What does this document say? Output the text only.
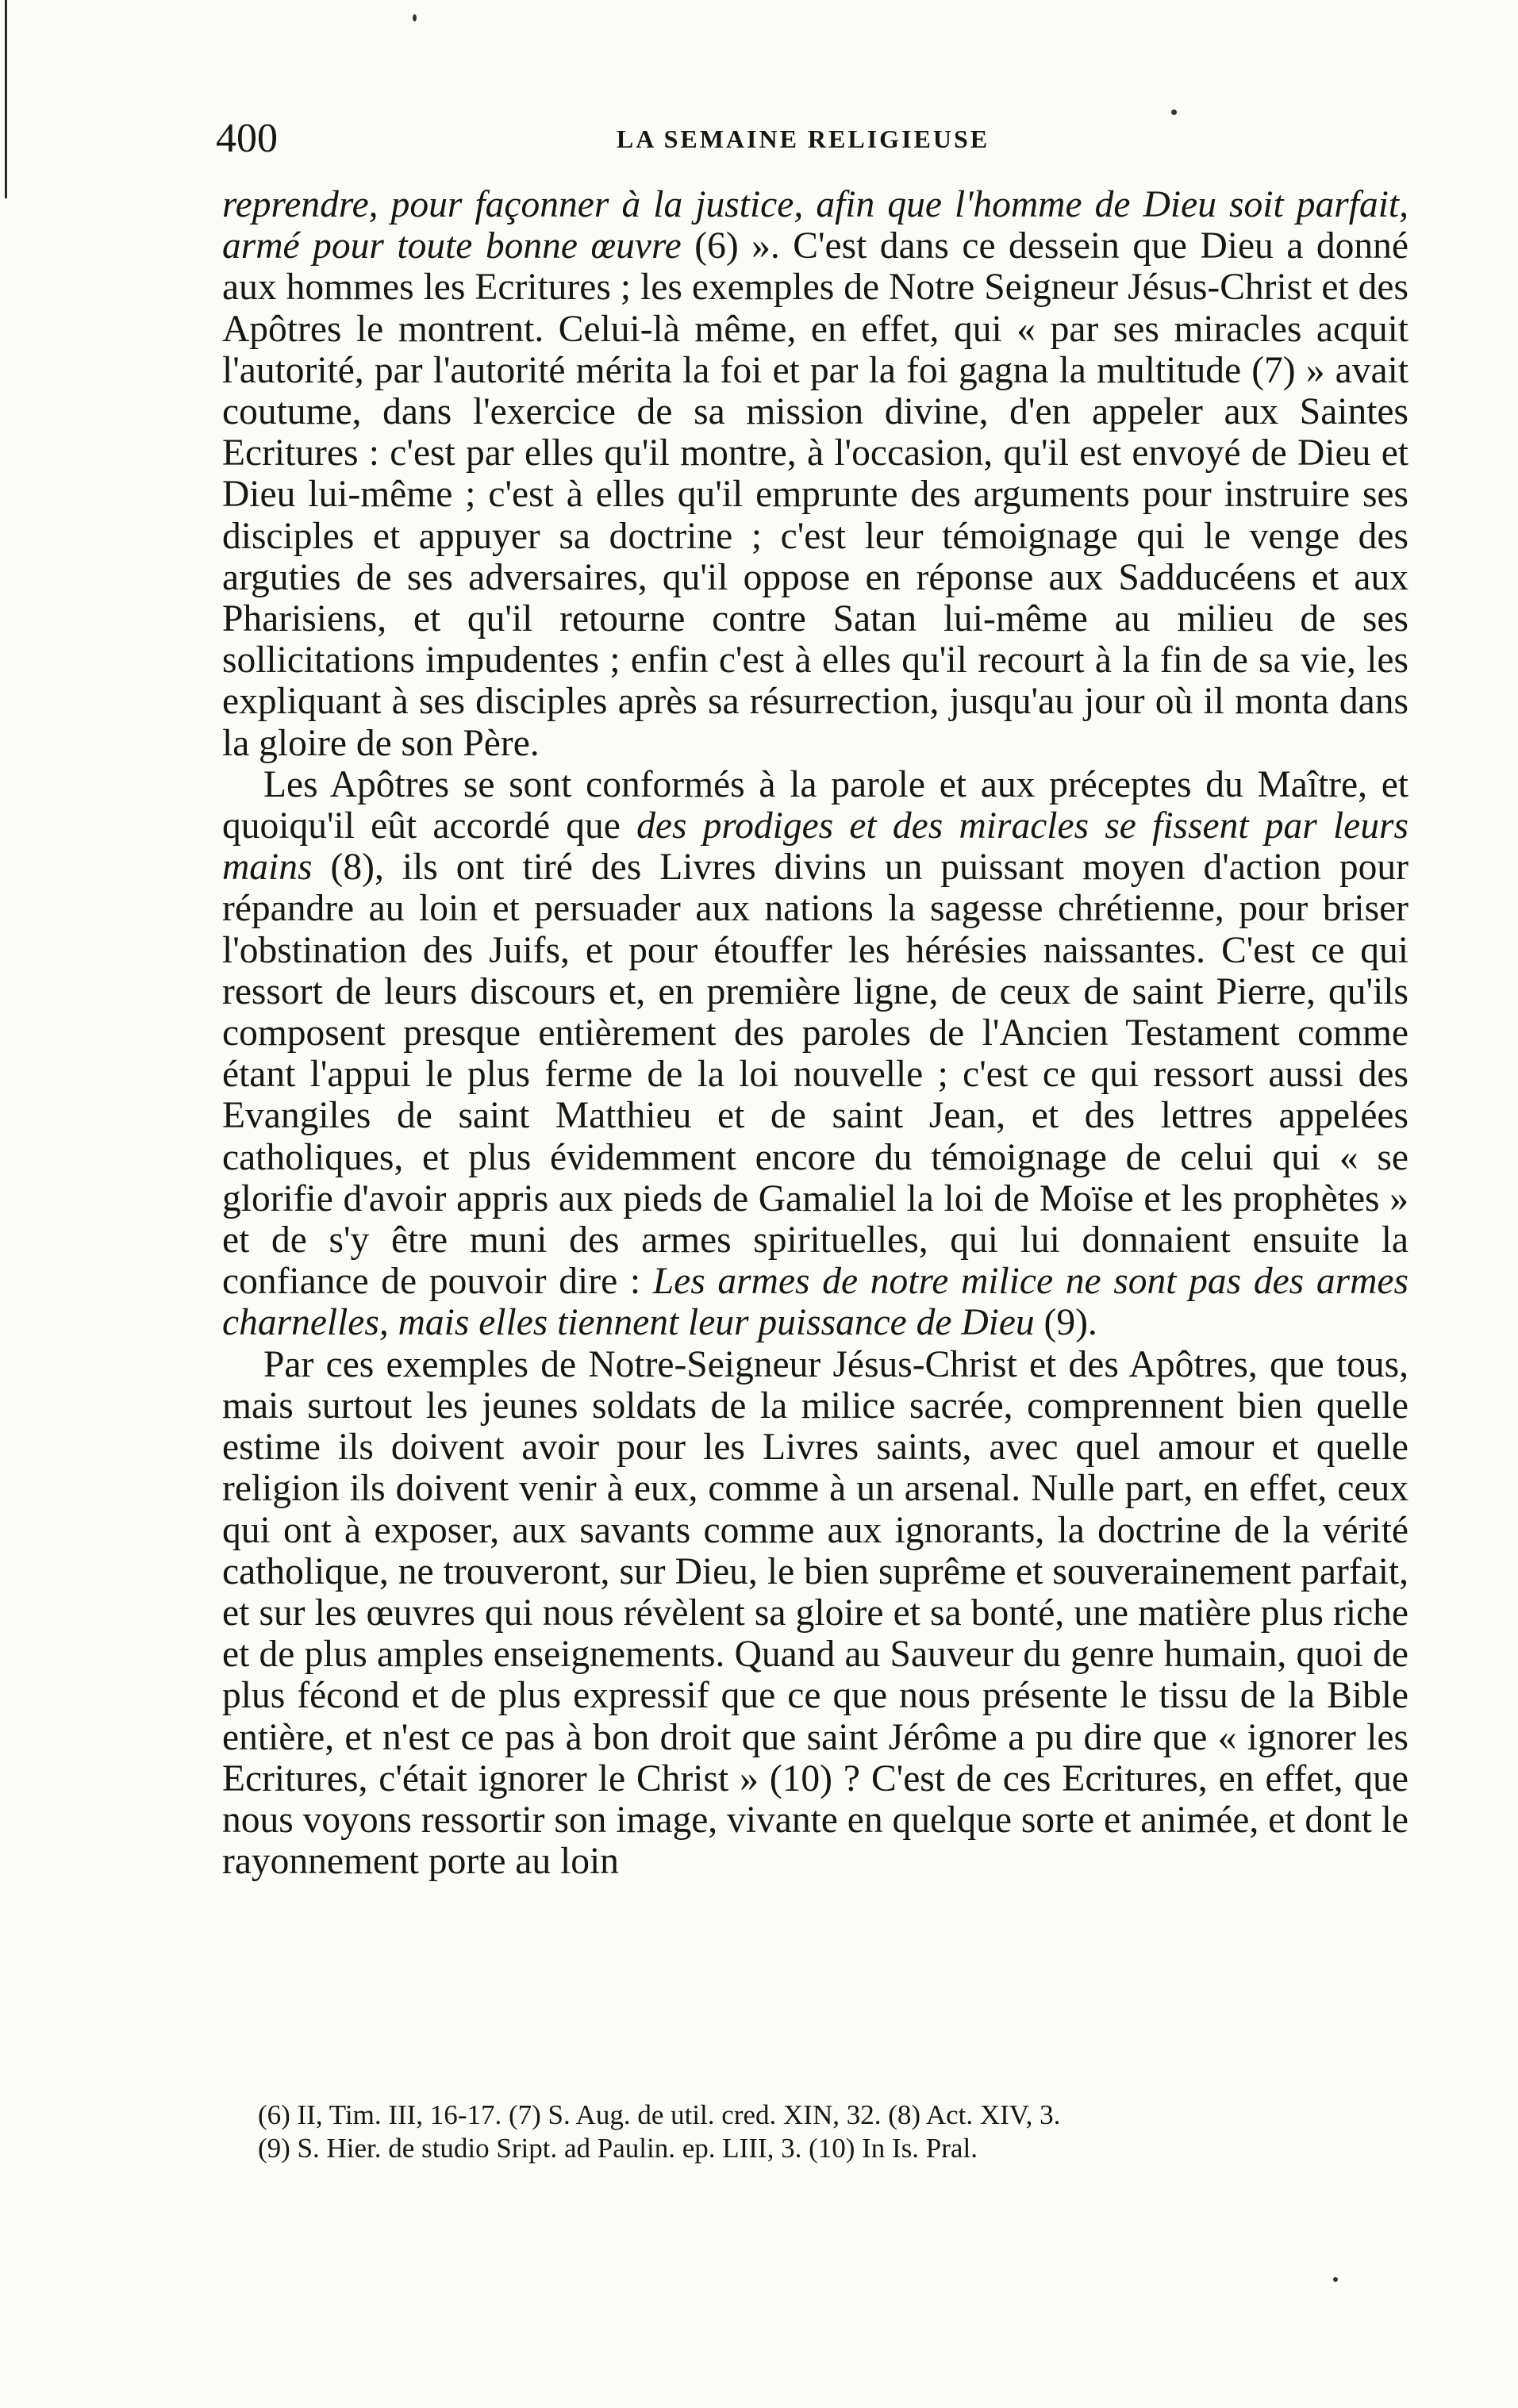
400	LA SEMAINE RELIGIEUSE

reprendre, pour façonner à la justice, afin que l'homme de Dieu soit parfait, armé pour toute bonne œuvre (6) ». C'est dans ce dessein que Dieu a donné aux hommes les Ecritures ; les exemples de Notre Seigneur Jésus-Christ et des Apôtres le montrent. Celui-là même, en effet, qui « par ses miracles acquit l'autorité, par l'autorité mérita la foi et par la foi gagna la multitude (7) » avait coutume, dans l'exercice de sa mission divine, d'en appeler aux Saintes Ecritures : c'est par elles qu'il montre, à l'occasion, qu'il est envoyé de Dieu et Dieu lui-même ; c'est à elles qu'il emprunte des arguments pour instruire ses disciples et appuyer sa doctrine ; c'est leur témoignage qui le venge des arguties de ses adversaires, qu'il oppose en réponse aux Sadducéens et aux Pharisiens, et qu'il retourne contre Satan lui-même au milieu de ses sollicitations impudentes ; enfin c'est à elles qu'il recourt à la fin de sa vie, les expliquant à ses disciples après sa résurrection, jusqu'au jour où il monta dans la gloire de son Père.

Les Apôtres se sont conformés à la parole et aux préceptes du Maître, et quoiqu'il eût accordé que des prodiges et des miracles se fissent par leurs mains (8), ils ont tiré des Livres divins un puissant moyen d'action pour répandre au loin et persuader aux nations la sagesse chrétienne, pour briser l'obstination des Juifs, et pour étouffer les hérésies naissantes. C'est ce qui ressort de leurs discours et, en première ligne, de ceux de saint Pierre, qu'ils composent presque entièrement des paroles de l'Ancien Testament comme étant l'appui le plus ferme de la loi nouvelle ; c'est ce qui ressort aussi des Evangiles de saint Matthieu et de saint Jean, et des lettres appelées catholiques, et plus évidemment encore du témoignage de celui qui « se glorifie d'avoir appris aux pieds de Gamaliel la loi de Moïse et les prophètes » et de s'y être muni des armes spirituelles, qui lui donnaient ensuite la confiance de pouvoir dire : Les armes de notre milice ne sont pas des armes charnelles, mais elles tiennent leur puissance de Dieu (9).

Par ces exemples de Notre-Seigneur Jésus-Christ et des Apôtres, que tous, mais surtout les jeunes soldats de la milice sacrée, comprennent bien quelle estime ils doivent avoir pour les Livres saints, avec quel amour et quelle religion ils doivent venir à eux, comme à un arsenal. Nulle part, en effet, ceux qui ont à exposer, aux savants comme aux ignorants, la doctrine de la vérité catholique, ne trouveront, sur Dieu, le bien suprême et souverainement parfait, et sur les œuvres qui nous révèlent sa gloire et sa bonté, une matière plus riche et de plus amples enseignements. Quand au Sauveur du genre humain, quoi de plus fécond et de plus expressif que ce que nous présente le tissu de la Bible entière, et n'est ce pas à bon droit que saint Jérôme a pu dire que « ignorer les Ecritures, c'était ignorer le Christ » (10) ? C'est de ces Ecritures, en effet, que nous voyons ressortir son image, vivante en quelque sorte et animée, et dont le rayonnement porte au loin

(6) II, Tim. III, 16-17. (7) S. Aug. de util. cred. XIN, 32. (8) Act. XIV, 3.
(9) S. Hier. de studio Sript. ad Paulin. ep. LIII, 3. (10) In Is. Pral.
